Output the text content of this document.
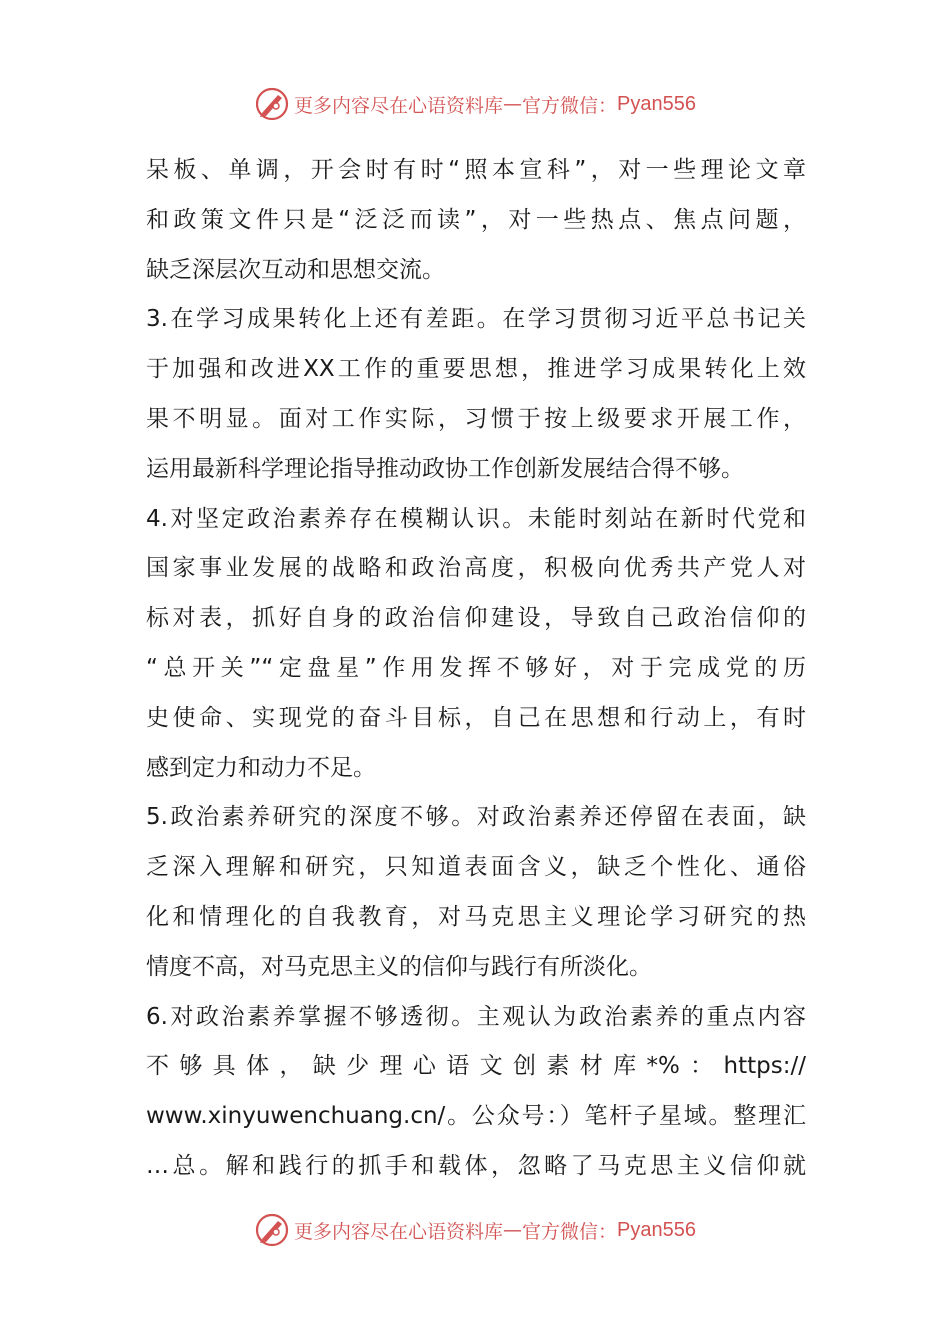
更多内容尽在心语资料库 — 官方微信： Pyan556
呆板、单调，开会时有时“照本宣科”，对一些理论文章
和政策文件只是“泛泛而读”，对一些热点、焦点问题，
缺乏深层次互动和思想交流。
3.在学习成果转化上还有差距。在学习贯彻习近平总书记关
于加强和改进XX工作的重要思想，推进学习成果转化上效
果不明显。面对工作实际，习惯于按上级要求开展工作，
运用最新科学理论指导推动政协工作创新发展结合得不够。
4.对坚定政治素养存在模糊认识。未能时刻站在新时代党和
国家事业发展的战略和政治高度，积极向优秀共产党人对
标对表，抓好自身的政治信仰建设，导致自己政治信仰的
“总开关”“定盘星”作用发挥不够好，对于完成党的历
史使命、实现党的奋斗目标，自己在思想和行动上，有时
感到定力和动力不足。
5.政治素养研究的深度不够。对政治素养还停留在表面，缺
乏深入理解和研究，只知道表面含义，缺乏个性化、通俗
化和情理化的自我教育，对马克思主义理论学习研究的热
情度不高，对马克思主义的信仰与践行有所淡化。
6.对政治素养掌握不够透彻。主观认为政治素养的重点内容
不够具体，缺少理心语文创素材库*%：https://
www.xinyuwenchuang.cn/。公众号：）笔杆子星域。整理汇
…总。解和践行的抓手和载体，忽略了马克思主义信仰就
更多内容尽在心语资料库 — 官方微信： Pyan556
